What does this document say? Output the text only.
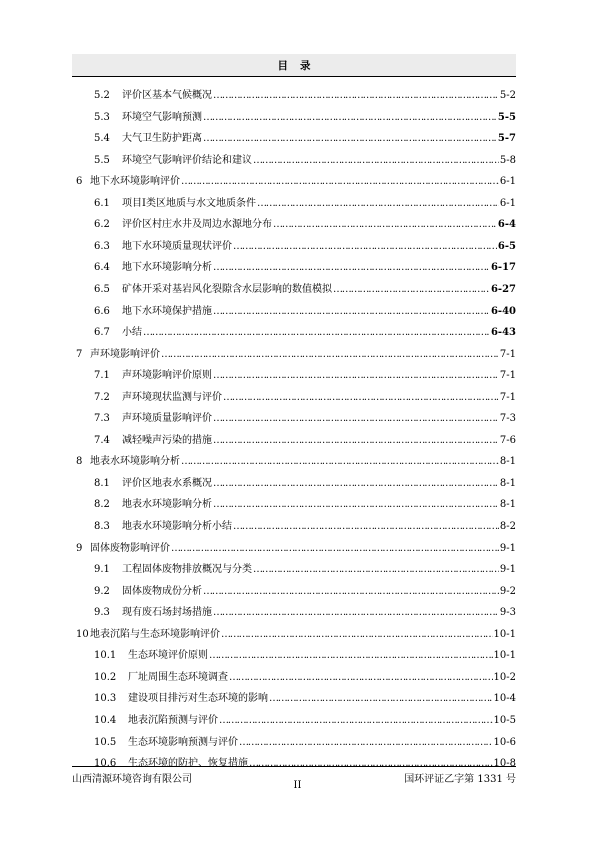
目录
5.2	评价区基本气候概况 ………………………………………………………………………………………………………………………………………………………………………………	5-2
5.3	环境空气影响预测 ………………………………………………………………………………………………………………………………………………………………………………	5-5
5.4	大气卫生防护距离 ………………………………………………………………………………………………………………………………………………………………………………	5-7
5.5	环境空气影响评价结论和建议 ………………………………………………………………………………………………………………………………………………………………………………	5-8
6 地下水环境影响评价 ………………………………………………………………………………………………………………………………………………………………………………	6-1
6.1	项目Ⅰ类区地质与水文地质条件 ………………………………………………………………………………………………………………………………………………………………………………	6-1
6.2	评价区村庄水井及周边水源地分布 ………………………………………………………………………………………………………………………………………………………………………………	6-4
6.3	地下水环境质量现状评价 ………………………………………………………………………………………………………………………………………………………………………………	6-5
6.4	地下水环境影响分析 ………………………………………………………………………………………………………………………………………………………………………………	6-17
6.5	矿体开采对基岩风化裂隙含水层影响的数值模拟 ………………………………………………………………………………………………………………………………………………………………………………	6-27
6.6	地下水环境保护措施 ………………………………………………………………………………………………………………………………………………………………………………	6-40
6.7	小结 ………………………………………………………………………………………………………………………………………………………………………………	6-43
7 声环境影响评价 ………………………………………………………………………………………………………………………………………………………………………………	7-1
7.1	声环境影响评价原则 ………………………………………………………………………………………………………………………………………………………………………………	7-1
7.2	声环境现状监测与评价 ………………………………………………………………………………………………………………………………………………………………………………	7-1
7.3	声环境质量影响评价 ………………………………………………………………………………………………………………………………………………………………………………	7-3
7.4	减轻噪声污染的措施 ………………………………………………………………………………………………………………………………………………………………………………	7-6
8 地表水环境影响分析 ………………………………………………………………………………………………………………………………………………………………………………	8-1
8.1	评价区地表水系概况 ………………………………………………………………………………………………………………………………………………………………………………	8-1
8.2	地表水环境影响分析 ………………………………………………………………………………………………………………………………………………………………………………	8-1
8.3	地表水环境影响分析小结 ………………………………………………………………………………………………………………………………………………………………………………	8-2
9 固体废物影响评价 ………………………………………………………………………………………………………………………………………………………………………………	9-1
9.1	工程固体废物排放概况与分类 ………………………………………………………………………………………………………………………………………………………………………………	9-1
9.2	固体废物成份分析 ………………………………………………………………………………………………………………………………………………………………………………	9-2
9.3	现有废石场封场措施 ………………………………………………………………………………………………………………………………………………………………………………	9-3
10 地表沉陷与生态环境影响评价 ………………………………………………………………………………………………………………………………………………………………………………	10-1
10.1	生态环境评价原则 ………………………………………………………………………………………………………………………………………………………………………………	10-1
10.2	厂址周围生态环境调查 ………………………………………………………………………………………………………………………………………………………………………………	10-2
10.3	建设项目排污对生态环境的影响 ………………………………………………………………………………………………………………………………………………………………………………	10-4
10.4	地表沉陷预测与评价 ………………………………………………………………………………………………………………………………………………………………………………	10-5
10.5	生态环境影响预测与评价 ………………………………………………………………………………………………………………………………………………………………………………	10-6
10.6	生态环境的防护、恢复措施 ………………………………………………………………………………………………………………………………………………………………………………	10-8
山西清源环境咨询有限公司	国环评证乙字第 1331 号
II
